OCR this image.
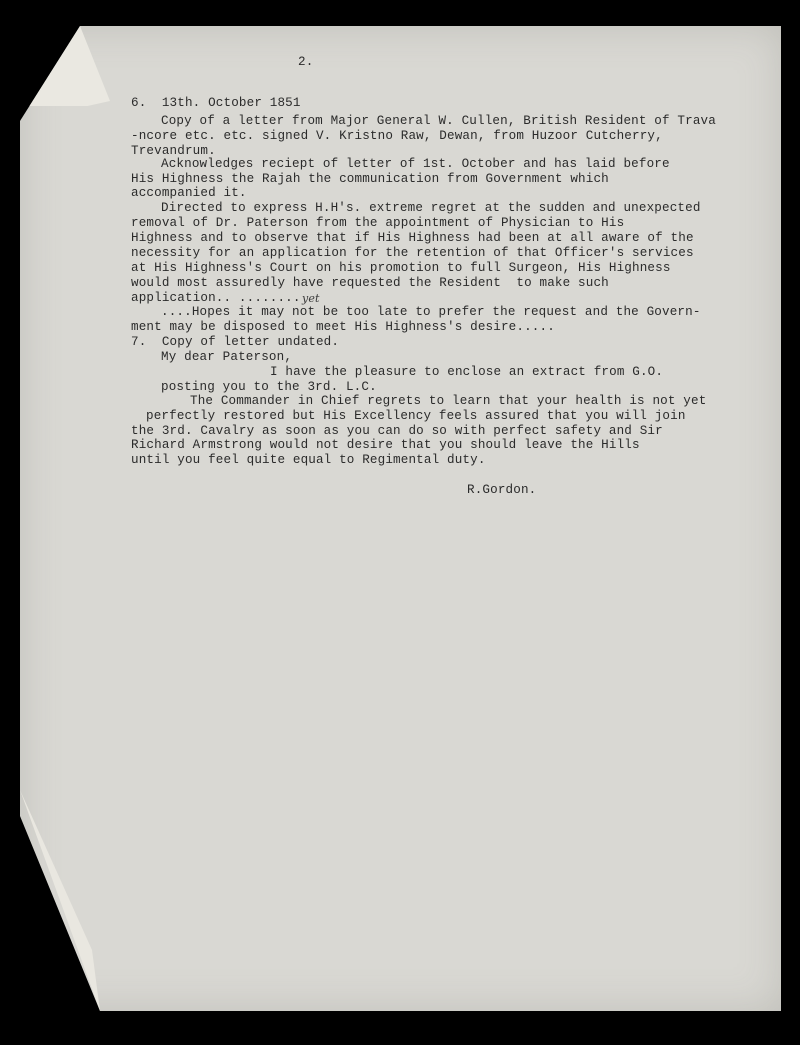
2.
6.  13th. October 1851
Copy of a letter from Major General W. Cullen, British Resident of Trava
-ncore etc. etc. signed V. Kristno Raw, Dewan, from Huzoor Cutcherry,
Trevandrum.
Acknowledges reciept of letter of 1st. October and has laid before
His Highness the Rajah the communication from Government which
accompanied it.
Directed to express H.H's. extreme regret at the sudden and unexpected
removal of Dr. Paterson from the appointment of Physician to His
Highness and to observe that if His Highness had been at all aware of the
necessity for an application for the retention of that Officer's services
at His Highness's Court on his promotion to full Surgeon, His Highness
would most assuredly have requested the Resident  to make such
application.. ........ yet
....Hopes it may not be too late to prefer the request and the Govern-
ment may be disposed to meet His Highness's desire.....
7.  Copy of letter undated.
My dear Paterson,
I have the pleasure to enclose an extract from G.O.
posting you to the 3rd. L.C.
The Commander in Chief regrets to learn that your health is not yet
perfectly restored but His Excellency feels assured that you will join
the 3rd. Cavalry as soon as you can do so with perfect safety and Sir
Richard Armstrong would not desire that you should leave the Hills
until you feel quite equal to Regimental duty.
R.Gordon.
